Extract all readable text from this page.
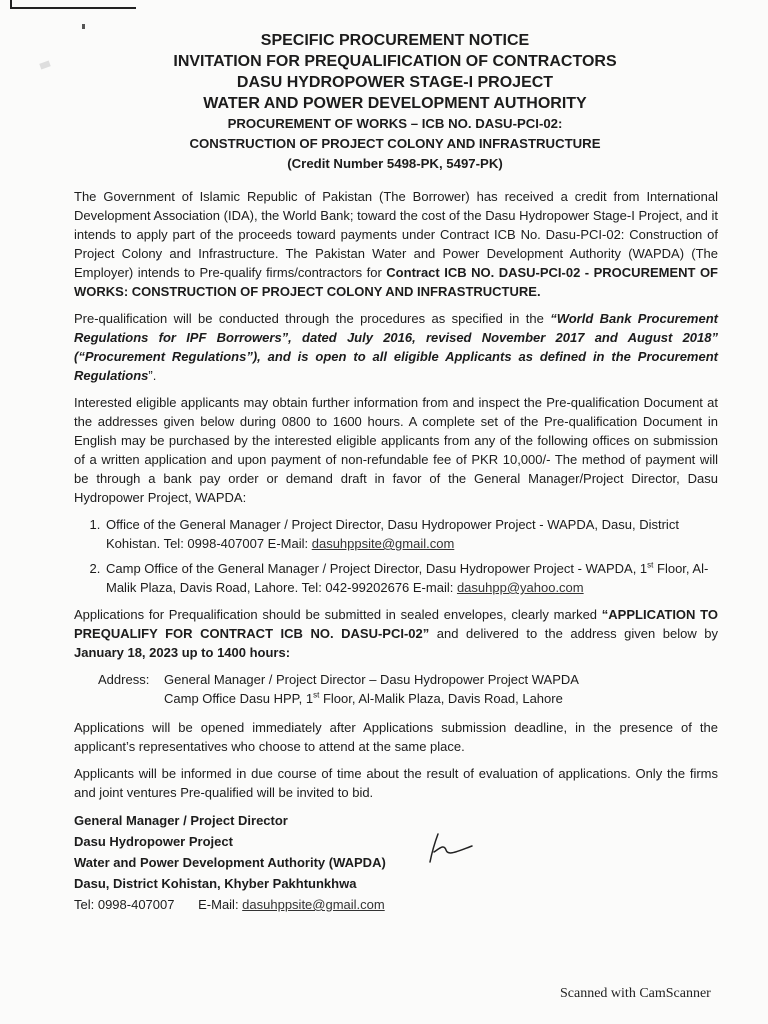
SPECIFIC PROCUREMENT NOTICE
INVITATION FOR PREQUALIFICATION OF CONTRACTORS
DASU HYDROPOWER STAGE-I PROJECT
WATER AND POWER DEVELOPMENT AUTHORITY
PROCUREMENT OF WORKS – ICB NO. DASU-PCI-02:
CONSTRUCTION OF PROJECT COLONY AND INFRASTRUCTURE
(Credit Number 5498-PK, 5497-PK)

The Government of Islamic Republic of Pakistan (The Borrower) has received a credit from International Development Association (IDA), the World Bank; toward the cost of the Dasu Hydropower Stage-I Project, and it intends to apply part of the proceeds toward payments under Contract ICB No. Dasu-PCI-02: Construction of Project Colony and Infrastructure. The Pakistan Water and Power Development Authority (WAPDA) (The Employer) intends to Pre-qualify firms/contractors for Contract ICB NO. DASU-PCI-02 - PROCUREMENT OF WORKS: CONSTRUCTION OF PROJECT COLONY AND INFRASTRUCTURE.

Pre-qualification will be conducted through the procedures as specified in the “World Bank Procurement Regulations for IPF Borrowers”, dated July 2016, revised November 2017 and August 2018” (“Procurement Regulations”), and is open to all eligible Applicants as defined in the Procurement Regulations”.

Interested eligible applicants may obtain further information from and inspect the Pre-qualification Document at the addresses given below during 0800 to 1600 hours. A complete set of the Pre-qualification Document in English may be purchased by the interested eligible applicants from any of the following offices on submission of a written application and upon payment of non-refundable fee of PKR 10,000/- The method of payment will be through a bank pay order or demand draft in favor of the General Manager/Project Director, Dasu Hydropower Project, WAPDA:

1. Office of the General Manager / Project Director, Dasu Hydropower Project - WAPDA, Dasu, District Kohistan. Tel: 0998-407007 E-Mail: dasuhppsite@gmail.com
2. Camp Office of the General Manager / Project Director, Dasu Hydropower Project - WAPDA, 1st Floor, Al-Malik Plaza, Davis Road, Lahore. Tel: 042-99202676 E-mail: dasuhpp@yahoo.com

Applications for Prequalification should be submitted in sealed envelopes, clearly marked “APPLICATION TO PREQUALIFY FOR CONTRACT ICB NO. DASU-PCI-02” and delivered to the address given below by January 18, 2023 up to 1400 hours:

Address:	General Manager / Project Director – Dasu Hydropower Project WAPDA
Camp Office Dasu HPP, 1st Floor, Al-Malik Plaza, Davis Road, Lahore

Applications will be opened immediately after Applications submission deadline, in the presence of the applicant’s representatives who choose to attend at the same place.

Applicants will be informed in due course of time about the result of evaluation of applications. Only the firms and joint ventures Pre-qualified will be invited to bid.

General Manager / Project Director
Dasu Hydropower Project
Water and Power Development Authority (WAPDA)
Dasu, District Kohistan, Khyber Pakhtunkhwa
Tel: 0998-407007 E-Mail: dasuhppsite@gmail.com
Scanned with CamScanner
